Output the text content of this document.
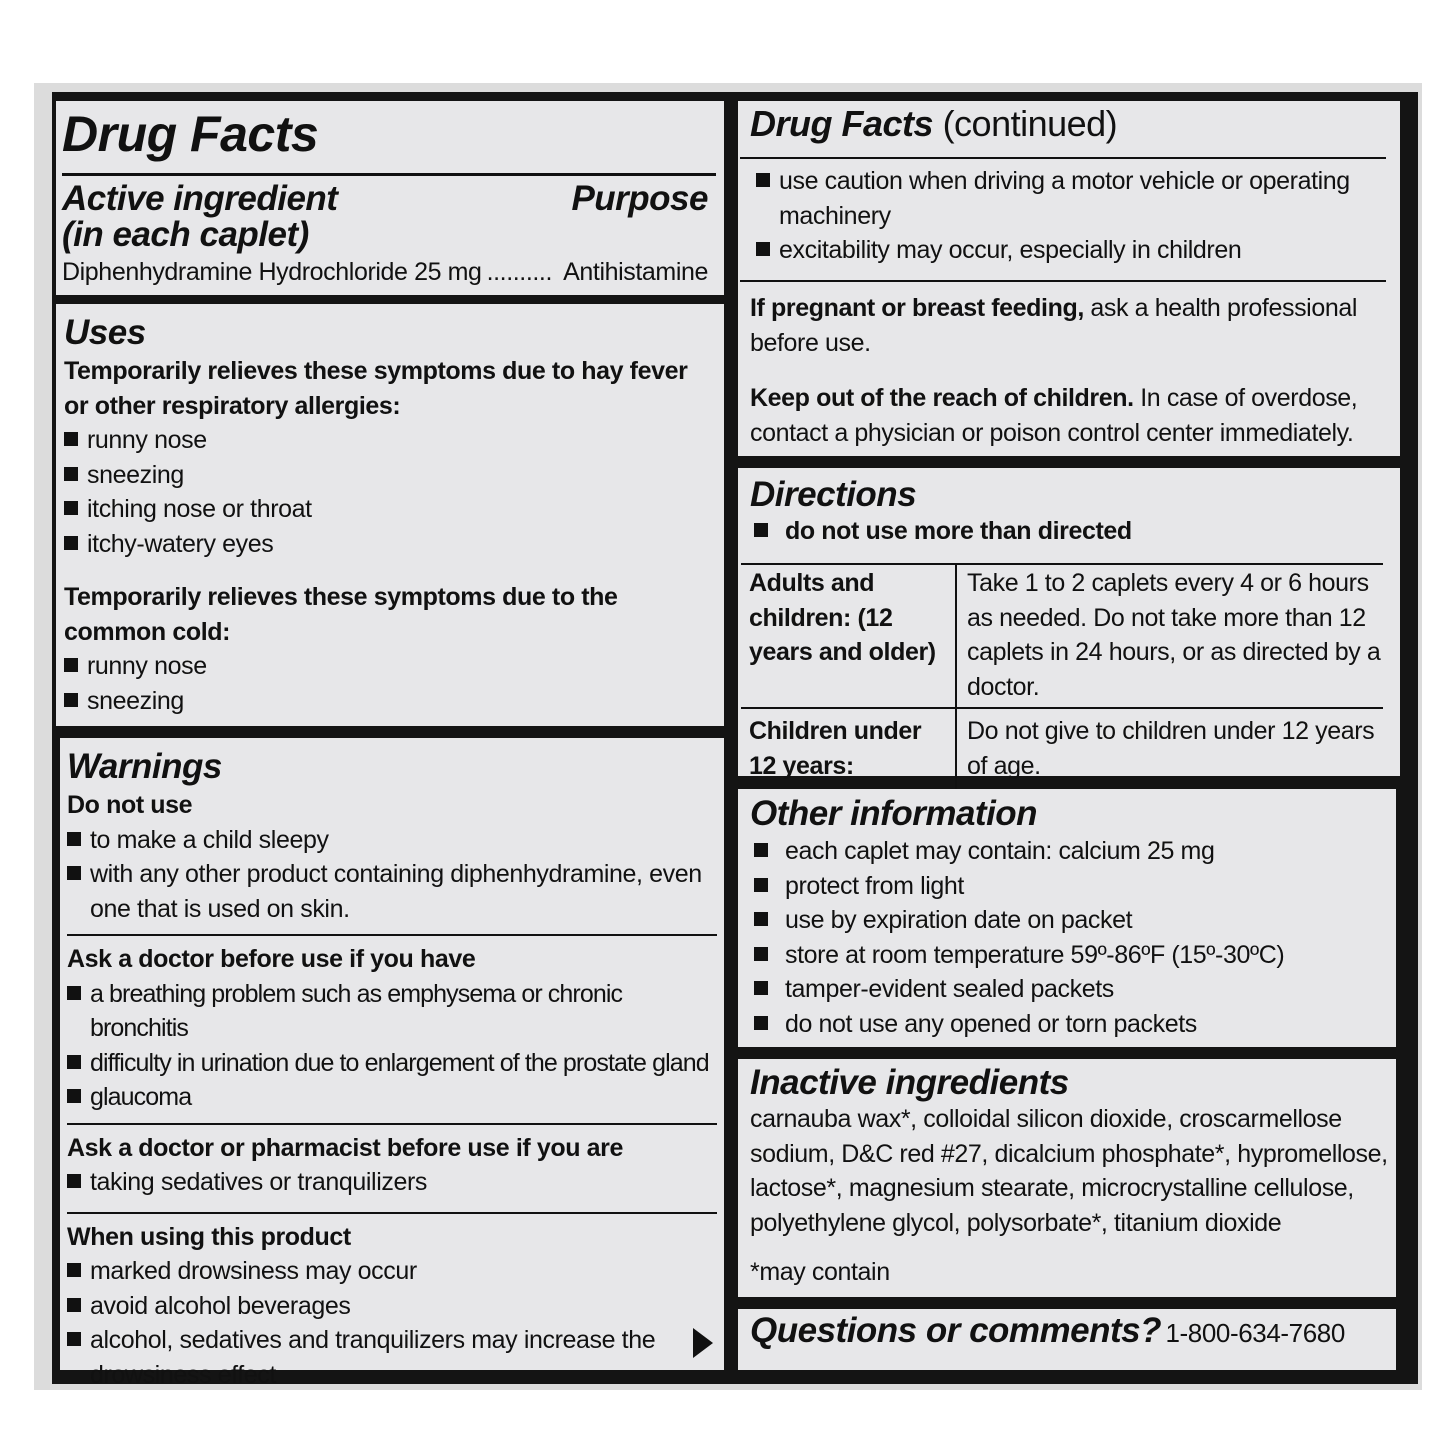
Drug Facts
Active ingredient
(in each caplet)
Purpose
Diphenhydramine Hydrochloride 25 mg .......... Antihistamine
Uses
Temporarily relieves these symptoms due to hay fever or other respiratory allergies:
runny nose
sneezing
itching nose or throat
itchy-watery eyes
Temporarily relieves these symptoms due to the common cold:
runny nose
sneezing
Warnings
Do not use
to make a child sleepy
with any other product containing diphenhydramine, even one that is used on skin.
Ask a doctor before use if you have
a breathing problem such as emphysema or chronic bronchitis
difficulty in urination due to enlargement of the prostate gland
glaucoma
Ask a doctor or pharmacist before use if you are
taking sedatives or tranquilizers
When using this product
marked drowsiness may occur
avoid alcohol beverages
alcohol, sedatives and tranquilizers may increase the drowsiness effect
Drug Facts (continued)
use caution when driving a motor vehicle or operating machinery
excitability may occur, especially in children
If pregnant or breast feeding, ask a health professional before use.
Keep out of the reach of children. In case of overdose, contact a physician or poison control center immediately.
Directions
do not use more than directed
Adults and children: (12 years and older)	Take 1 to 2 caplets every 4 or 6 hours as needed. Do not take more than 12 caplets in 24 hours, or as directed by a doctor.
Children under 12 years:	Do not give to children under 12 years of age.
Other information
each caplet may contain: calcium 25 mg
protect from light
use by expiration date on packet
store at room temperature 59º-86ºF (15º-30ºC)
tamper-evident sealed packets
do not use any opened or torn packets
Inactive ingredients
carnauba wax*, colloidal silicon dioxide, croscarmellose sodium, D&C red #27, dicalcium phosphate*, hypromellose, lactose*, magnesium stearate, microcrystalline cellulose, polyethylene glycol, polysorbate*, titanium dioxide
*may contain
Questions or comments? 1-800-634-7680
